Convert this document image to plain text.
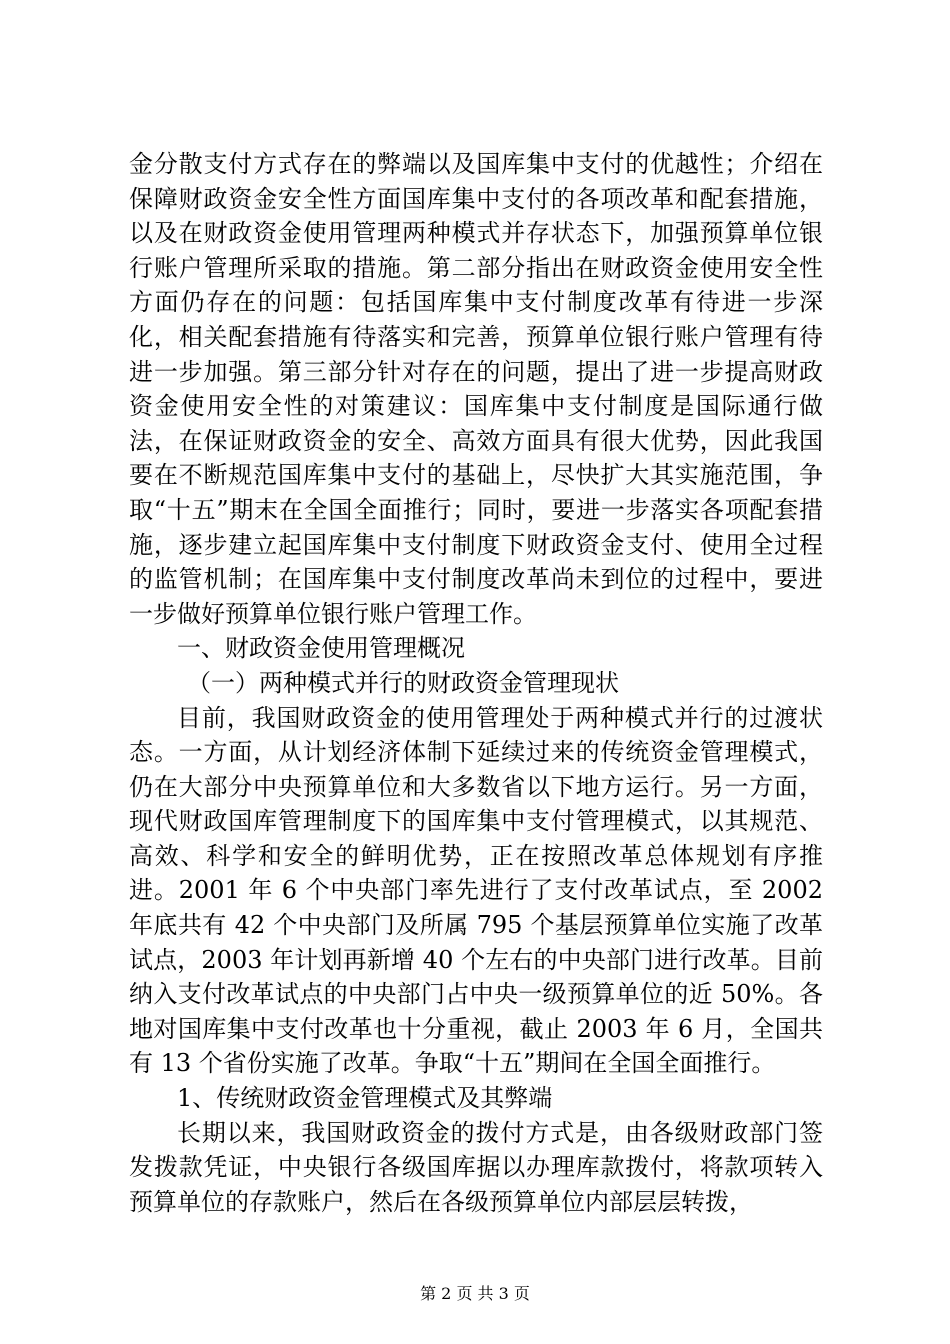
金分散支付方式存在的弊端以及国库集中支付的优越性；介绍在保障财政资金安全性方面国库集中支付的各项改革和配套措施，以及在财政资金使用管理两种模式并存状态下，加强预算单位银行账户管理所采取的措施。第二部分指出在财政资金使用安全性方面仍存在的问题：包括国库集中支付制度改革有待进一步深化，相关配套措施有待落实和完善，预算单位银行账户管理有待进一步加强。第三部分针对存在的问题，提出了进一步提高财政资金使用安全性的对策建议：国库集中支付制度是国际通行做法，在保证财政资金的安全、高效方面具有很大优势，因此我国要在不断规范国库集中支付的基础上，尽快扩大其实施范围，争取“十五”期末在全国全面推行；同时，要进一步落实各项配套措施，逐步建立起国库集中支付制度下财政资金支付、使用全过程的监管机制；在国库集中支付制度改革尚未到位的过程中，要进一步做好预算单位银行账户管理工作。

一、财政资金使用管理概况

（一）两种模式并行的财政资金管理现状

目前，我国财政资金的使用管理处于两种模式并行的过渡状态。一方面，从计划经济体制下延续过来的传统资金管理模式，仍在大部分中央预算单位和大多数省以下地方运行。另一方面，现代财政国库管理制度下的国库集中支付管理模式，以其规范、高效、科学和安全的鲜明优势，正在按照改革总体规划有序推进。2001 年 6 个中央部门率先进行了支付改革试点，至 2002 年底共有 42 个中央部门及所属 795 个基层预算单位实施了改革试点，2003 年计划再新增 40 个左右的中央部门进行改革。目前纳入支付改革试点的中央部门占中央一级预算单位的近 50%。各地对国库集中支付改革也十分重视，截止 2003 年 6 月，全国共有 13 个省份实施了改革。争取“十五”期间在全国全面推行。

1、传统财政资金管理模式及其弊端

长期以来，我国财政资金的拨付方式是，由各级财政部门签发拨款凭证，中央银行各级国库据以办理库款拨付，将款项转入预算单位的存款账户，然后在各级预算单位内部层层转拨，

第 2 页 共 3 页
